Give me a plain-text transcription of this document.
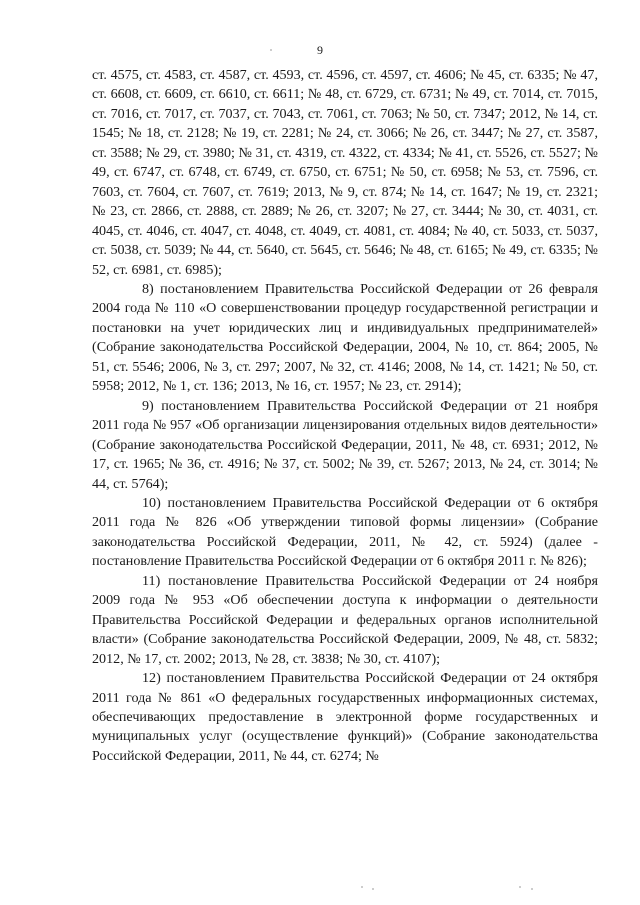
9

ст. 4575, ст. 4583, ст. 4587, ст. 4593, ст. 4596, ст. 4597, ст. 4606; № 45, ст. 6335; № 47, ст. 6608, ст. 6609, ст. 6610, ст. 6611; № 48, ст. 6729, ст. 6731; № 49, ст. 7014, ст. 7015, ст. 7016, ст. 7017, ст. 7037, ст. 7043, ст. 7061, ст. 7063; № 50, ст. 7347; 2012, № 14, ст. 1545; № 18, ст. 2128; № 19, ст. 2281; № 24, ст. 3066; № 26, ст. 3447; № 27, ст. 3587, ст. 3588; № 29, ст. 3980; № 31, ст. 4319, ст. 4322, ст. 4334; № 41, ст. 5526, ст. 5527; № 49, ст. 6747, ст. 6748, ст. 6749, ст. 6750, ст. 6751; № 50, ст. 6958; № 53, ст. 7596, ст. 7603, ст. 7604, ст. 7607, ст. 7619; 2013, № 9, ст. 874; № 14, ст. 1647; № 19, ст. 2321; № 23, ст. 2866, ст. 2888, ст. 2889; № 26, ст. 3207; № 27, ст. 3444; № 30, ст. 4031, ст. 4045, ст. 4046, ст. 4047, ст. 4048, ст. 4049, ст. 4081, ст. 4084; № 40, ст. 5033, ст. 5037, ст. 5038, ст. 5039; № 44, ст. 5640, ст. 5645, ст. 5646; № 48, ст. 6165; № 49, ст. 6335; № 52, ст. 6981, ст. 6985);

8) постановлением Правительства Российской Федерации от 26 февраля 2004 года № 110 «О совершенствовании процедур государственной регистрации и постановки на учет юридических лиц и индивидуальных предпринимателей» (Собрание законодательства Российской Федерации, 2004, № 10, ст. 864; 2005, № 51, ст. 5546; 2006, № 3, ст. 297; 2007, № 32, ст. 4146; 2008, № 14, ст. 1421; № 50, ст. 5958; 2012, № 1, ст. 136; 2013, № 16, ст. 1957; № 23, ст. 2914);

9) постановлением Правительства Российской Федерации от 21 ноября 2011 года № 957 «Об организации лицензирования отдельных видов деятельности» (Собрание законодательства Российской Федерации, 2011, № 48, ст. 6931; 2012, № 17, ст. 1965; № 36, ст. 4916; № 37, ст. 5002; № 39, ст. 5267; 2013, № 24, ст. 3014; № 44, ст. 5764);

10) постановлением Правительства Российской Федерации от 6 октября 2011 года № 826 «Об утверждении типовой формы лицензии» (Собрание законодательства Российской Федерации, 2011, № 42, ст. 5924) (далее - постановление Правительства Российской Федерации от 6 октября 2011 г. № 826);

11) постановление Правительства Российской Федерации от 24 ноября 2009 года № 953 «Об обеспечении доступа к информации о деятельности Правительства Российской Федерации и федеральных органов исполнительной власти» (Собрание законодательства Российской Федерации, 2009, № 48, ст. 5832; 2012, № 17, ст. 2002; 2013, № 28, ст. 3838; № 30, ст. 4107);

12) постановлением Правительства Российской Федерации от 24 октября 2011 года № 861 «О федеральных государственных информационных системах, обеспечивающих предоставление в электронной форме государственных и муниципальных услуг (осуществление функций)» (Собрание законодательства Российской Федерации, 2011, № 44, ст. 6274; №
